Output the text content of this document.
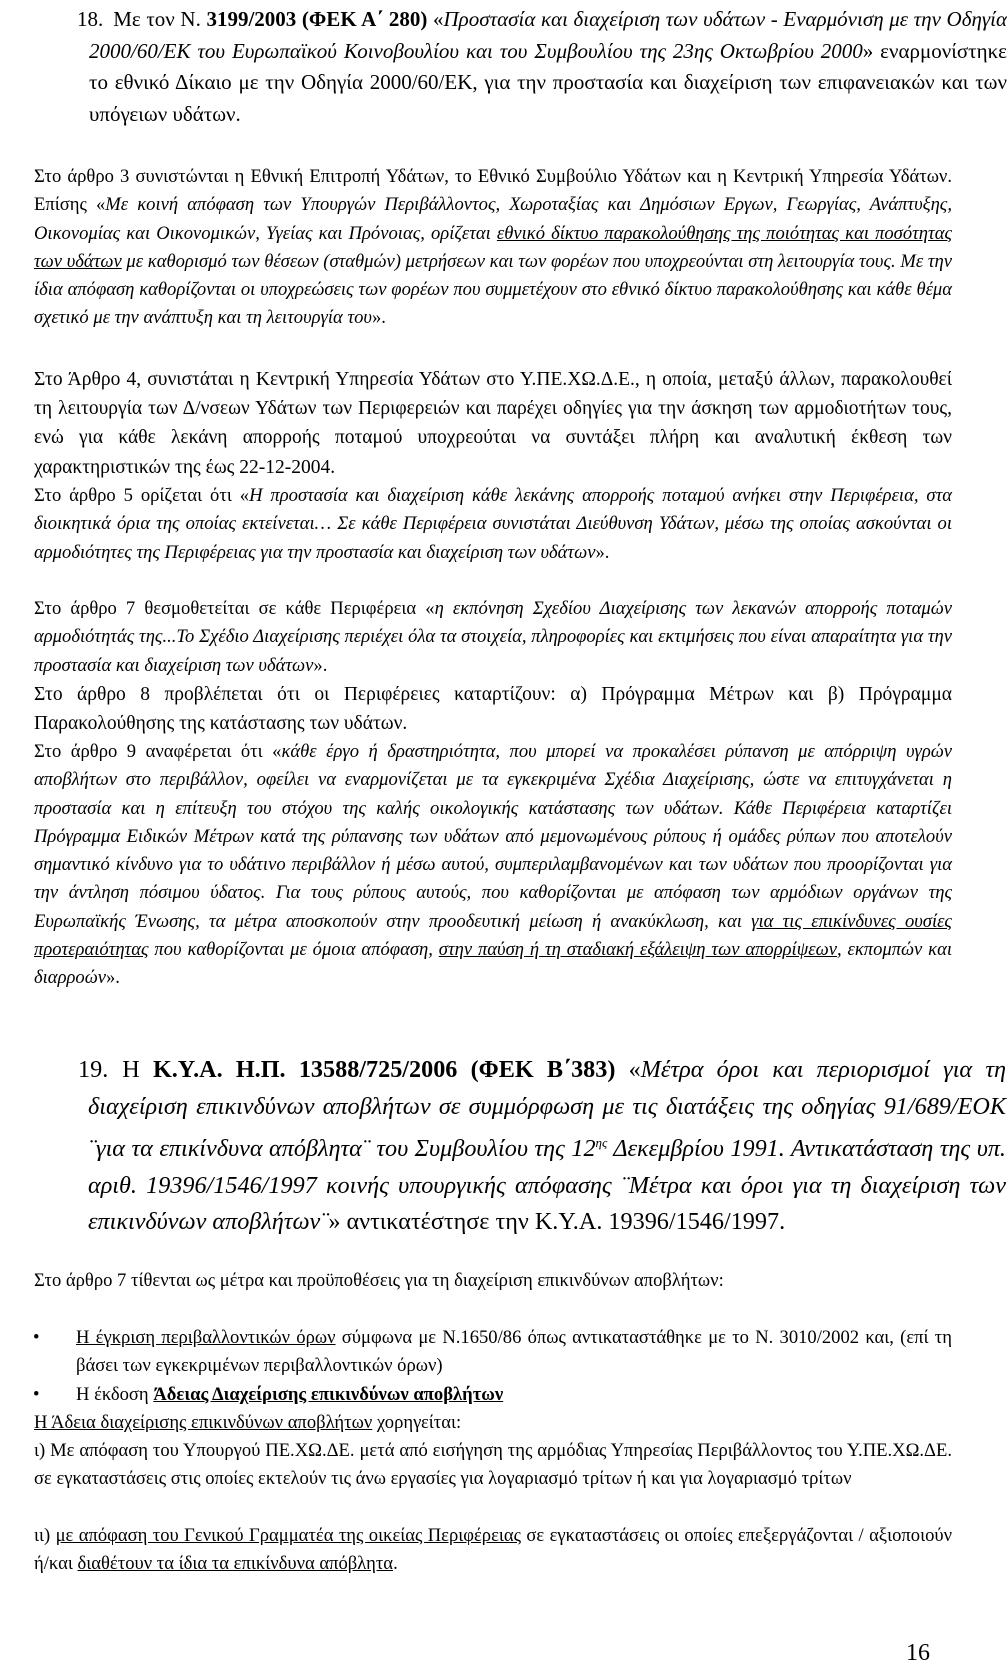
18. Με τον Ν. 3199/2003 (ΦΕΚ Α΄ 280) «Προστασία και διαχείριση των υδάτων - Εναρμόνιση με την Οδηγία 2000/60/ΕΚ του Ευρωπαϊκού Κοινοβουλίου και του Συμβουλίου της 23ης Οκτωβρίου 2000» εναρμονίστηκε το εθνικό Δίκαιο με την Οδηγία 2000/60/ΕΚ, για την προστασία και διαχείριση των επιφανειακών και των υπόγειων υδάτων.

Στο άρθρο 3 συνιστώνται η Εθνική Επιτροπή Υδάτων, το Εθνικό Συμβούλιο Υδάτων και η Κεντρική Υπηρεσία Υδάτων. Επίσης «Με κοινή απόφαση των Υπουργών Περιβάλλοντος, Χωροταξίας και Δημόσιων Εργων, Γεωργίας, Ανάπτυξης, Οικονομίας και Οικονομικών, Υγείας και Πρόνοιας, ορίζεται εθνικό δίκτυο παρακολούθησης της ποιότητας και ποσότητας των υδάτων με καθορισμό των θέσεων (σταθμών) μετρήσεων και των φορέων που υποχρεούνται στη λειτουργία τους. Με την ίδια απόφαση καθορίζονται οι υποχρεώσεις των φορέων που συμμετέχουν στο εθνικό δίκτυο παρακολούθησης και κάθε θέμα σχετικό με την ανάπτυξη και τη λειτουργία του».

Στο Άρθρο 4, συνιστάται η Κεντρική Υπηρεσία Υδάτων στο Υ.ΠΕ.ΧΩ.Δ.Ε., η οποία, μεταξύ άλλων, παρακολουθεί τη λειτουργία των Δ/νσεων Υδάτων των Περιφερειών και παρέχει οδηγίες για την άσκηση των αρμοδιοτήτων τους, ενώ για κάθε λεκάνη απορροής ποταμού υποχρεούται να συντάξει πλήρη και αναλυτική έκθεση των χαρακτηριστικών της έως 22-12-2004.

Στο άρθρο 5 ορίζεται ότι «Η προστασία και διαχείριση κάθε λεκάνης απορροής ποταμού ανήκει στην Περιφέρεια, στα διοικητικά όρια της οποίας εκτείνεται… Σε κάθε Περιφέρεια συνιστάται Διεύθυνση Υδάτων, μέσω της οποίας ασκούνται οι αρμοδιότητες της Περιφέρειας για την προστασία και διαχείριση των υδάτων».

Στο άρθρο 7 θεσμοθετείται σε κάθε Περιφέρεια «η εκπόνηση Σχεδίου Διαχείρισης των λεκανών απορροής ποταμών αρμοδιότητάς της...Το Σχέδιο Διαχείρισης περιέχει όλα τα στοιχεία, πληροφορίες και εκτιμήσεις που είναι απαραίτητα για την προστασία και διαχείριση των υδάτων».

Στο άρθρο 8 προβλέπεται ότι οι Περιφέρειες καταρτίζουν: α) Πρόγραμμα Μέτρων και β) Πρόγραμμα Παρακολούθησης της κατάστασης των υδάτων.

Στο άρθρο 9 αναφέρεται ότι «κάθε έργο ή δραστηριότητα, που μπορεί να προκαλέσει ρύπανση με απόρριψη υγρών αποβλήτων στο περιβάλλον, οφείλει να εναρμονίζεται με τα εγκεκριμένα Σχέδια Διαχείρισης, ώστε να επιτυγχάνεται η προστασία και η επίτευξη του στόχου της καλής οικολογικής κατάστασης των υδάτων. Κάθε Περιφέρεια καταρτίζει Πρόγραμμα Ειδικών Μέτρων κατά της ρύπανσης των υδάτων από μεμονωμένους ρύπους ή ομάδες ρύπων που αποτελούν σημαντικό κίνδυνο για το υδάτινο περιβάλλον ή μέσω αυτού, συμπεριλαμβανομένων και των υδάτων που προορίζονται για την άντληση πόσιμου ύδατος. Για τους ρύπους αυτούς, που καθορίζονται με απόφαση των αρμόδιων οργάνων της Ευρωπαϊκής Ένωσης, τα μέτρα αποσκοπούν στην προοδευτική μείωση ή ανακύκλωση, και για τις επικίνδυνες ουσίες προτεραιότητας που καθορίζονται με όμοια απόφαση, στην παύση ή τη σταδιακή εξάλειψη των απορρίψεων, εκπομπών και διαρροών».

19. Η Κ.Υ.Α. Η.Π. 13588/725/2006 (ΦΕΚ Β΄383) «Μέτρα όροι και περιορισμοί για τη διαχείριση επικινδύνων αποβλήτων σε συμμόρφωση με τις διατάξεις της οδηγίας 91/689/ΕΟΚ ¨για τα επικίνδυνα απόβλητα¨ του Συμβουλίου της $12^{\eta\varsigma}$ Δεκεμβρίου 1991. Αντικατάσταση της υπ. αριθ. 19396/1546/1997 κοινής υπουργικής απόφασης ¨Μέτρα και όροι για τη διαχείριση των επικινδύνων αποβλήτων¨» αντικατέστησε την Κ.Υ.Α. 19396/1546/1997.

Στο άρθρο 7 τίθενται ως μέτρα και προϋποθέσεις για τη διαχείριση επικινδύνων αποβλήτων:

•	Η έγκριση περιβαλλοντικών όρων σύμφωνα με Ν.1650/86 όπως αντικαταστάθηκε με το Ν. 3010/2002 και, (επί τη βάσει των εγκεκριμένων περιβαλλοντικών όρων)
•	Η έκδοση Άδειας Διαχείρισης επικινδύνων αποβλήτων

Η Άδεια διαχείρισης επικινδύνων αποβλήτων χορηγείται:

ι) Με απόφαση του Υπουργού ΠΕ.ΧΩ.ΔΕ. μετά από εισήγηση της αρμόδιας Υπηρεσίας Περιβάλλοντος του Υ.ΠΕ.ΧΩ.ΔΕ. σε εγκαταστάσεις στις οποίες εκτελούν τις άνω εργασίες για λογαριασμό τρίτων ή και για λογαριασμό τρίτων

ιι) με απόφαση του Γενικού Γραμματέα της οικείας Περιφέρειας σε εγκαταστάσεις οι οποίες επεξεργάζονται / αξιοποιούν ή/και διαθέτουν τα ίδια τα επικίνδυνα απόβλητα.

16
